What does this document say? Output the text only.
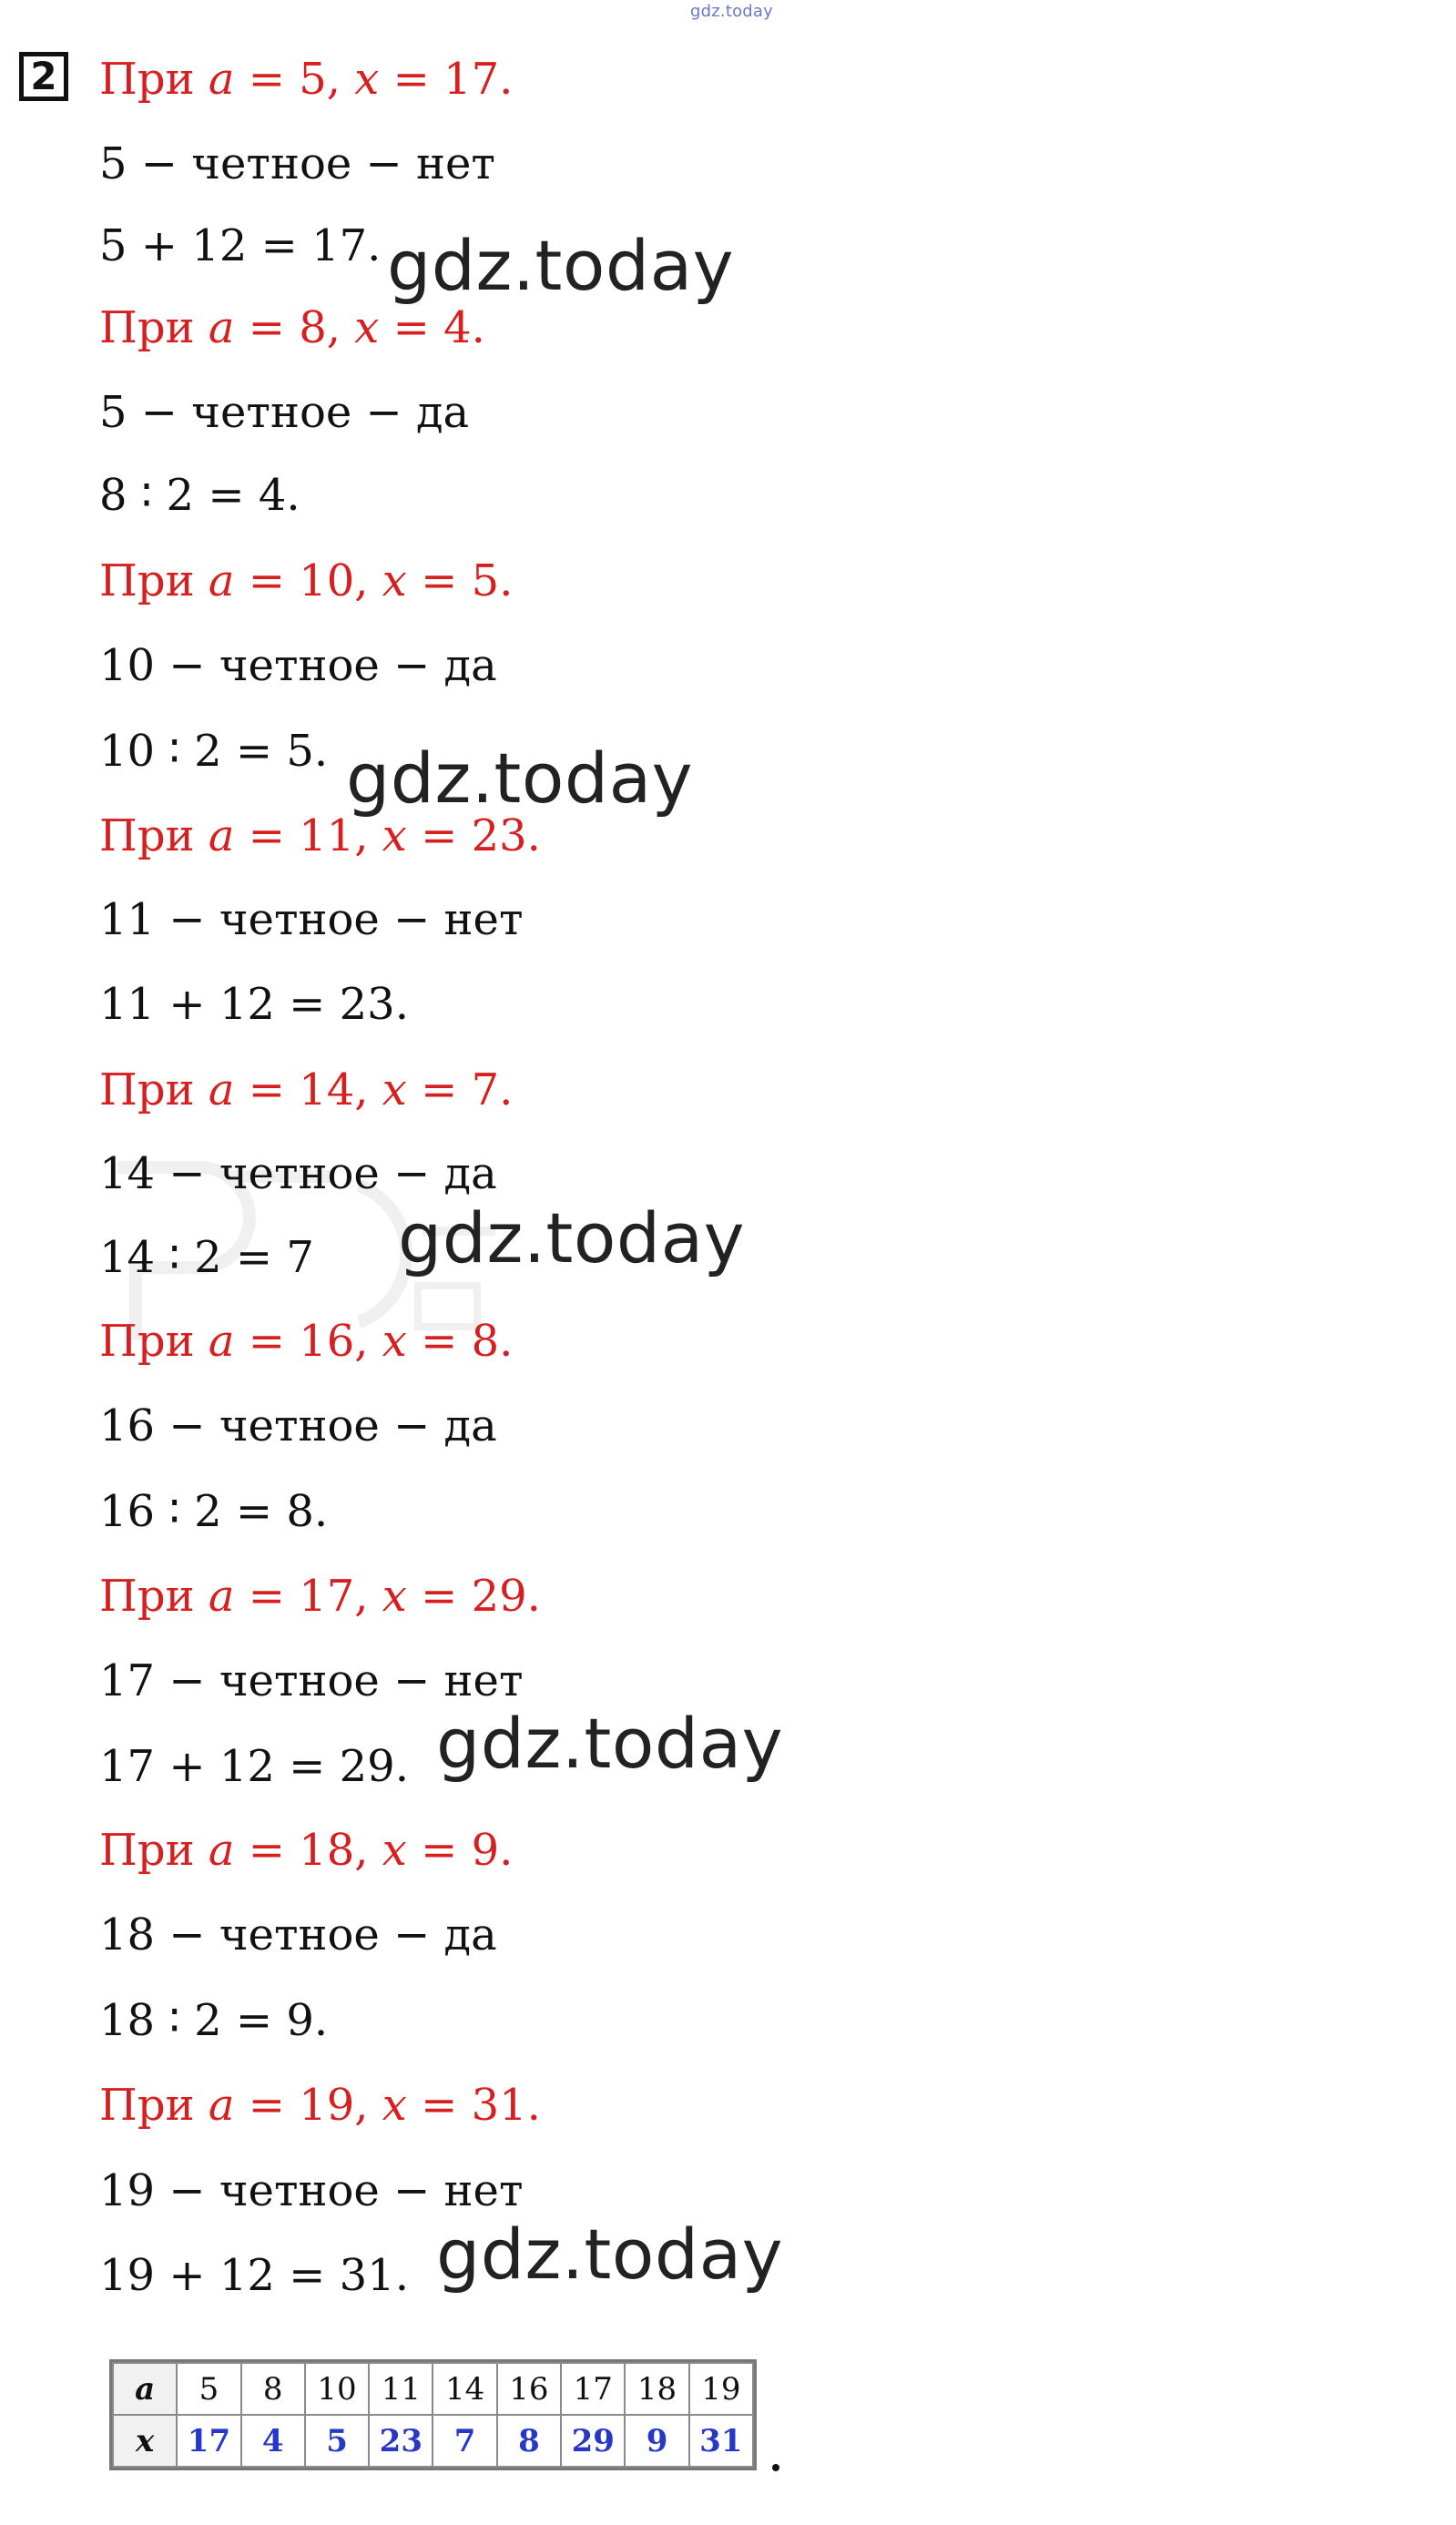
gdz.today
2 При 𝑎 = 5, 𝑥 = 17.
5 − четное − нет
5 + 12 = 17.
При 𝑎 = 8, 𝑥 = 4.
5 − четное − да
8 ∶ 2 = 4.
При 𝑎 = 10, 𝑥 = 5.
10 − четное − да
10 ∶ 2 = 5.
При 𝑎 = 11, 𝑥 = 23.
11 − четное − нет
11 + 12 = 23.
При 𝑎 = 14, 𝑥 = 7.
14 − четное − да
14 ∶ 2 = 7
При 𝑎 = 16, 𝑥 = 8.
16 − четное − да
16 ∶ 2 = 8.
При 𝑎 = 17, 𝑥 = 29.
17 − четное − нет
17 + 12 = 29.
При 𝑎 = 18, 𝑥 = 9.
18 − четное − да
18 ∶ 2 = 9.
При 𝑎 = 19, 𝑥 = 31.
19 − четное − нет
19 + 12 = 31.
gdz.today
gdz.today
gdz.today
gdz.today
gdz.today
a	5	8	10	11	14	16	17	18	19
x	17	4	5	23	7	8	29	9	31
